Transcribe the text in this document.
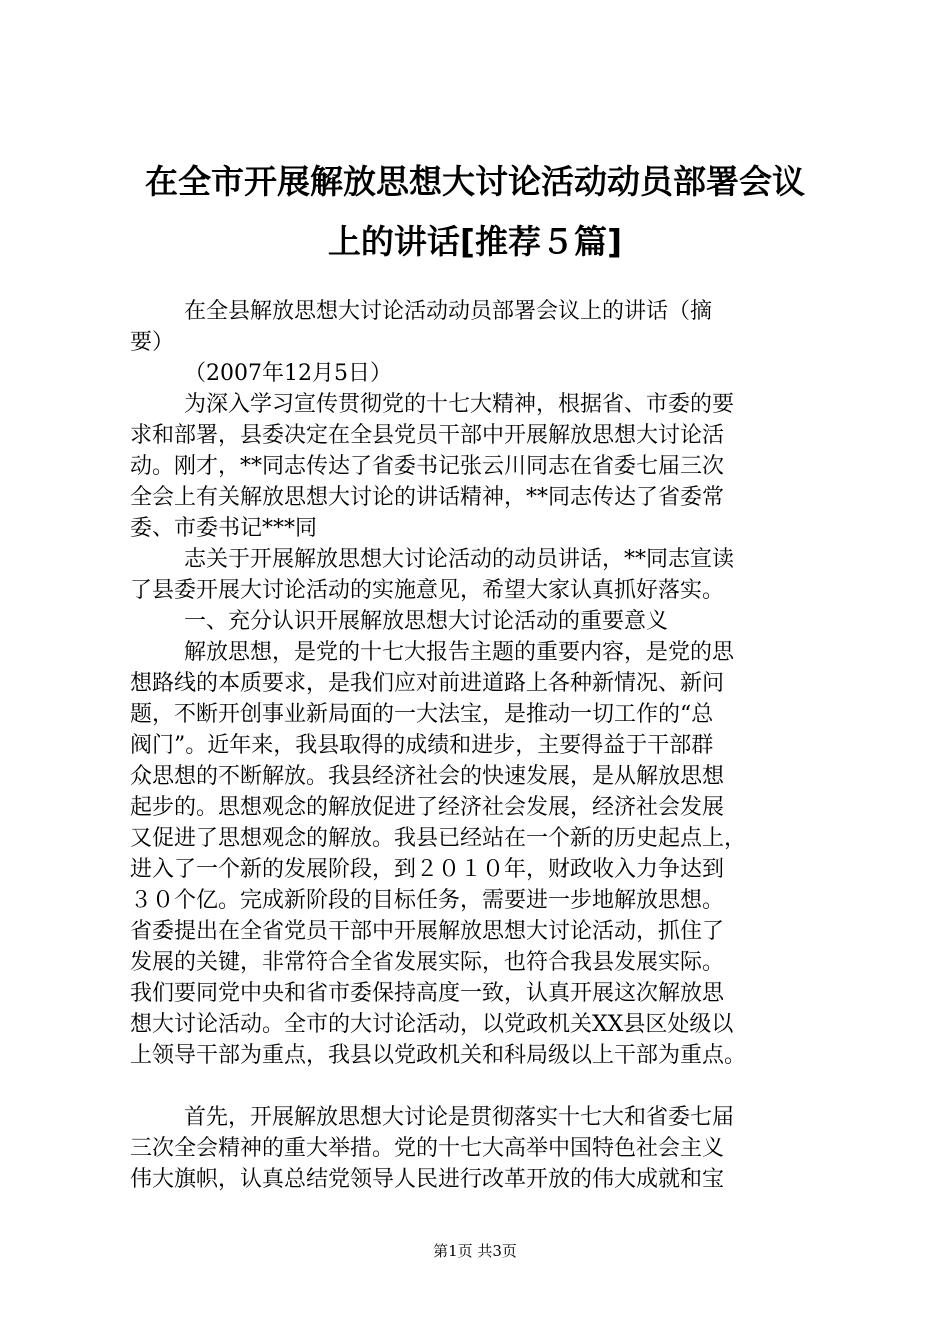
在全市开展解放思想大讨论活动动员部署会议
上的讲话[推荐５篇]
在全县解放思想大讨论活动动员部署会议上的讲话（摘
要）
（2007年12月5日）
为深入学习宣传贯彻党的十七大精神，根据省、市委的要
求和部署，县委决定在全县党员干部中开展解放思想大讨论活
动。刚才，**同志传达了省委书记张云川同志在省委七届三次
全会上有关解放思想大讨论的讲话精神，**同志传达了省委常
委、市委书记***同
志关于开展解放思想大讨论活动的动员讲话，**同志宣读
了县委开展大讨论活动的实施意见，希望大家认真抓好落实。
一、充分认识开展解放思想大讨论活动的重要意义
解放思想，是党的十七大报告主题的重要内容，是党的思
想路线的本质要求，是我们应对前进道路上各种新情况、新问
题，不断开创事业新局面的一大法宝，是推动一切工作的“总
阀门”。近年来，我县取得的成绩和进步，主要得益于干部群
众思想的不断解放。我县经济社会的快速发展，是从解放思想
起步的。思想观念的解放促进了经济社会发展，经济社会发展
又促进了思想观念的解放。我县已经站在一个新的历史起点上，
进入了一个新的发展阶段，到２０１０年，财政收入力争达到
３０个亿。完成新阶段的目标任务，需要进一步地解放思想。
省委提出在全省党员干部中开展解放思想大讨论活动，抓住了
发展的关键，非常符合全省发展实际，也符合我县发展实际。
我们要同党中央和省市委保持高度一致，认真开展这次解放思
想大讨论活动。全市的大讨论活动，以党政机关XX县区处级以
上领导干部为重点，我县以党政机关和科局级以上干部为重点。
首先，开展解放思想大讨论是贯彻落实十七大和省委七届
三次全会精神的重大举措。党的十七大高举中国特色社会主义
伟大旗帜，认真总结党领导人民进行改革开放的伟大成就和宝
第1页 共3页
